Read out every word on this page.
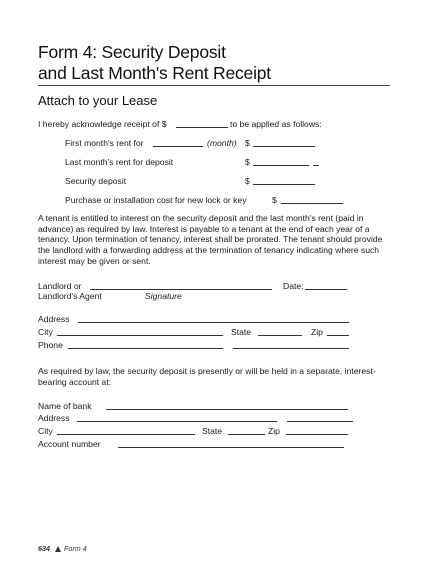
Form 4: Security Deposit
and Last Month's Rent Receipt
Attach to your Lease
I hereby acknowledge receipt of $	to be applied as follows:
First month's rent for	(month) $
Last month's rent for deposit	$
Security deposit	$
Purchase or installation cost for new lock or key	$
A tenant is entitled to interest on the security deposit and the last month's rent (paid in advance) as required by law. Interest is payable to a tenant at the end of each year of a tenancy. Upon termination of tenancy, interest shall be prorated. The tenant should provide the landlord with a forwarding address at the termination of tenancy indicating where such interest may be given or sent.
Landlord or	Date:
Landlord's Agent	Signature
Address
City	State	Zip
Phone
As required by law, the security deposit is presently or will be held in a separate, interest-bearing account at:
Name of bank
Address
City	State	Zip
Account number
634 Form 4
